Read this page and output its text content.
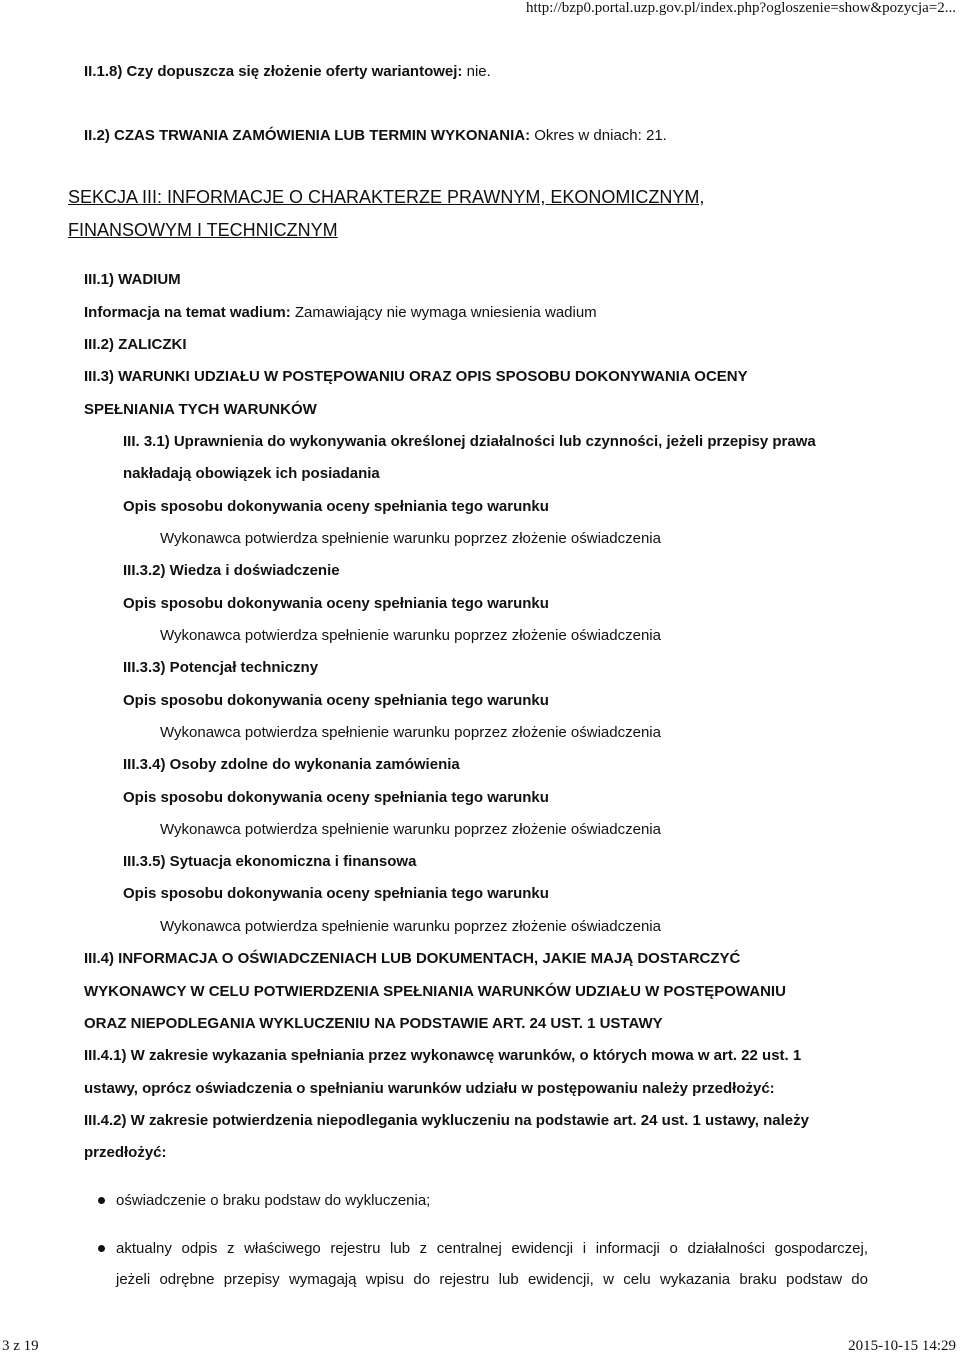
http://bzp0.portal.uzp.gov.pl/index.php?ogloszenie=show&pozycja=2...
II.1.8) Czy dopuszcza się złożenie oferty wariantowej: nie.
II.2) CZAS TRWANIA ZAMÓWIENIA LUB TERMIN WYKONANIA: Okres w dniach: 21.
SEKCJA III: INFORMACJE O CHARAKTERZE PRAWNYM, EKONOMICZNYM,
FINANSOWYM I TECHNICZNYM
III.1) WADIUM
Informacja na temat wadium: Zamawiający nie wymaga wniesienia wadium
III.2) ZALICZKI
III.3) WARUNKI UDZIAŁU W POSTĘPOWANIU ORAZ OPIS SPOSOBU DOKONYWANIA OCENY
SPEŁNIANIA TYCH WARUNKÓW
III. 3.1) Uprawnienia do wykonywania określonej działalności lub czynności, jeżeli przepisy prawa
nakładają obowiązek ich posiadania
Opis sposobu dokonywania oceny spełniania tego warunku
Wykonawca potwierdza spełnienie warunku poprzez złożenie oświadczenia
III.3.2) Wiedza i doświadczenie
Opis sposobu dokonywania oceny spełniania tego warunku
Wykonawca potwierdza spełnienie warunku poprzez złożenie oświadczenia
III.3.3) Potencjał techniczny
Opis sposobu dokonywania oceny spełniania tego warunku
Wykonawca potwierdza spełnienie warunku poprzez złożenie oświadczenia
III.3.4) Osoby zdolne do wykonania zamówienia
Opis sposobu dokonywania oceny spełniania tego warunku
Wykonawca potwierdza spełnienie warunku poprzez złożenie oświadczenia
III.3.5) Sytuacja ekonomiczna i finansowa
Opis sposobu dokonywania oceny spełniania tego warunku
Wykonawca potwierdza spełnienie warunku poprzez złożenie oświadczenia
III.4) INFORMACJA O OŚWIADCZENIACH LUB DOKUMENTACH, JAKIE MAJĄ DOSTARCZYĆ
WYKONAWCY W CELU POTWIERDZENIA SPEŁNIANIA WARUNKÓW UDZIAŁU W POSTĘPOWANIU
ORAZ NIEPODLEGANIA WYKLUCZENIU NA PODSTAWIE ART. 24 UST. 1 USTAWY
III.4.1) W zakresie wykazania spełniania przez wykonawcę warunków, o których mowa w art. 22 ust. 1
ustawy, oprócz oświadczenia o spełnianiu warunków udziału w postępowaniu należy przedłożyć:
III.4.2) W zakresie potwierdzenia niepodlegania wykluczeniu na podstawie art. 24 ust. 1 ustawy, należy
przedłożyć:
oświadczenie o braku podstaw do wykluczenia;
aktualny odpis z właściwego rejestru lub z centralnej ewidencji i informacji o działalności gospodarczej,
jeżeli odrębne przepisy wymagają wpisu do rejestru lub ewidencji, w celu wykazania braku podstaw do
3 z 19	2015-10-15 14:29
